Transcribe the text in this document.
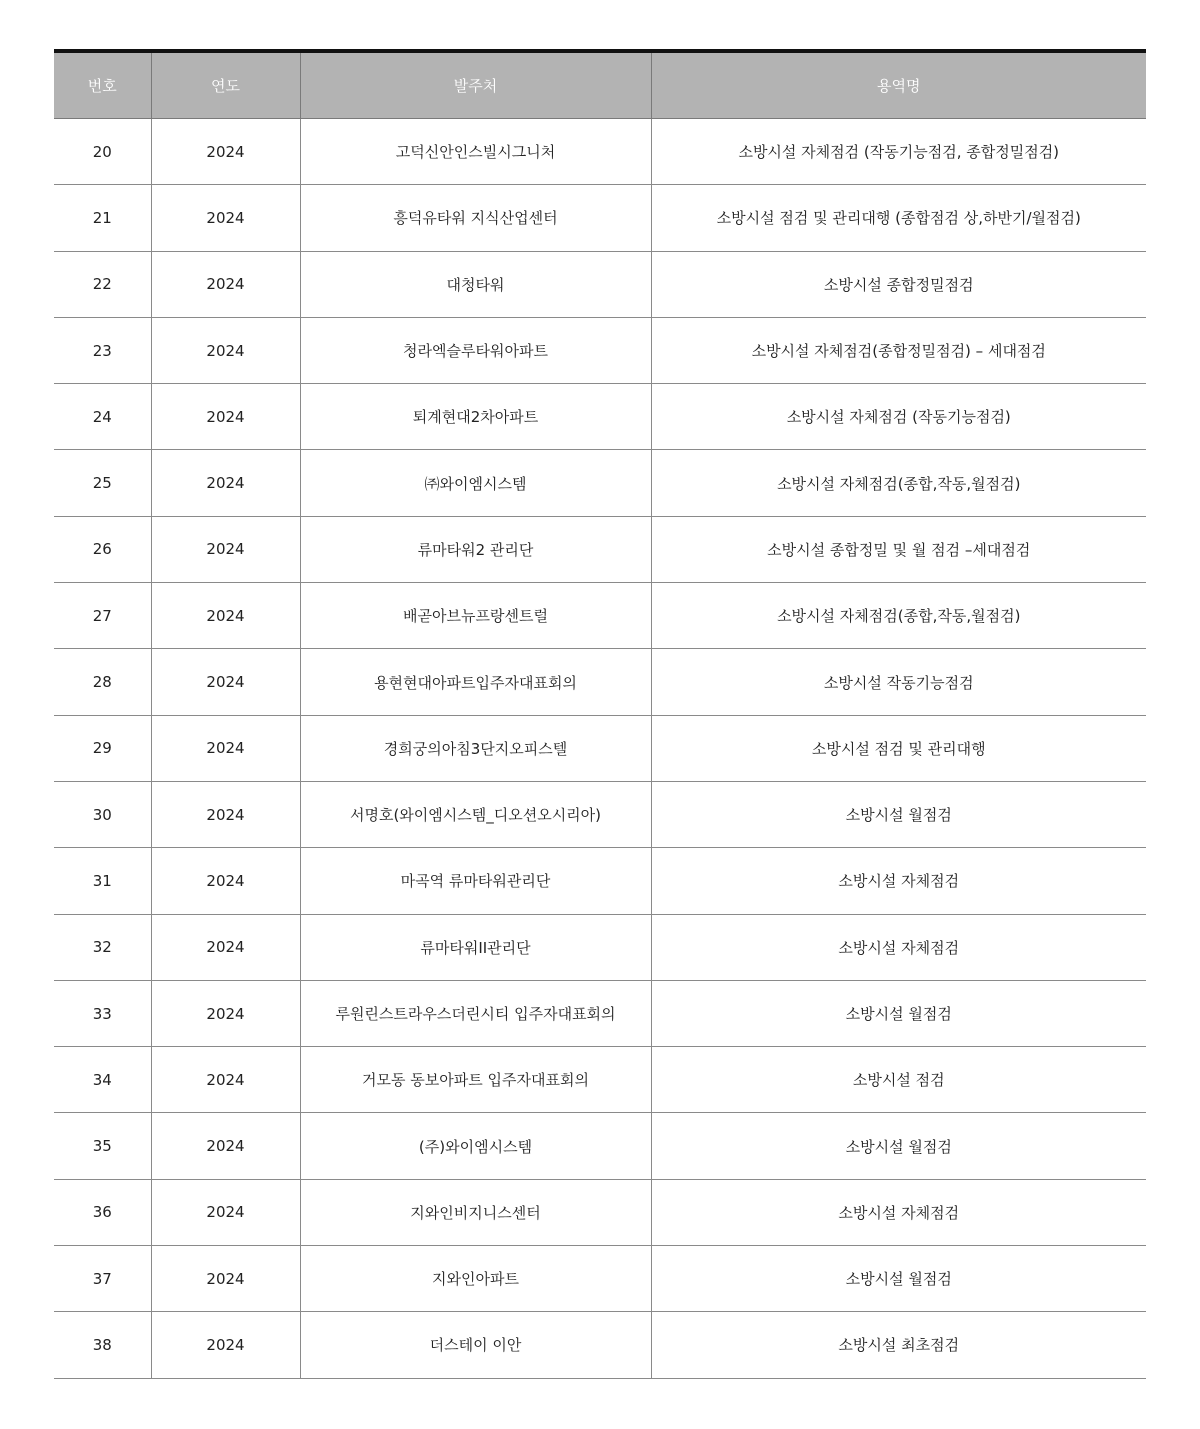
번호	연도	발주처	용역명
20	2024	고덕신안인스빌시그니처	소방시설 자체점검 (작동기능점검, 종합정밀점검)
21	2024	흥덕유타워 지식산업센터	소방시설 점검 및 관리대행 (종합점검 상,하반기/월점검)
22	2024	대청타워	소방시설 종합정밀점검
23	2024	청라엑슬루타워아파트	소방시설 자체점검(종합정밀점검) – 세대점검
24	2024	퇴계현대2차아파트	소방시설 자체점검 (작동기능점검)
25	2024	㈜와이엠시스템	소방시설 자체점검(종합,작동,월점검)
26	2024	류마타워2 관리단	소방시설 종합정밀 및 월 점검 –세대점검
27	2024	배곧아브뉴프랑센트럴	소방시설 자체점검(종합,작동,월점검)
28	2024	용현현대아파트입주자대표회의	소방시설 작동기능점검
29	2024	경희궁의아침3단지오피스텔	소방시설 점검 및 관리대행
30	2024	서명호(와이엠시스템_디오션오시리아)	소방시설 월점검
31	2024	마곡역 류마타워관리단	소방시설 자체점검
32	2024	류마타워II관리단	소방시설 자체점검
33	2024	루원린스트라우스더린시티 입주자대표회의	소방시설 월점검
34	2024	거모동 동보아파트 입주자대표회의	소방시설 점검
35	2024	(주)와이엠시스템	소방시설 월점검
36	2024	지와인비지니스센터	소방시설 자체점검
37	2024	지와인아파트	소방시설 월점검
38	2024	더스테이 이안	소방시설 최초점검
